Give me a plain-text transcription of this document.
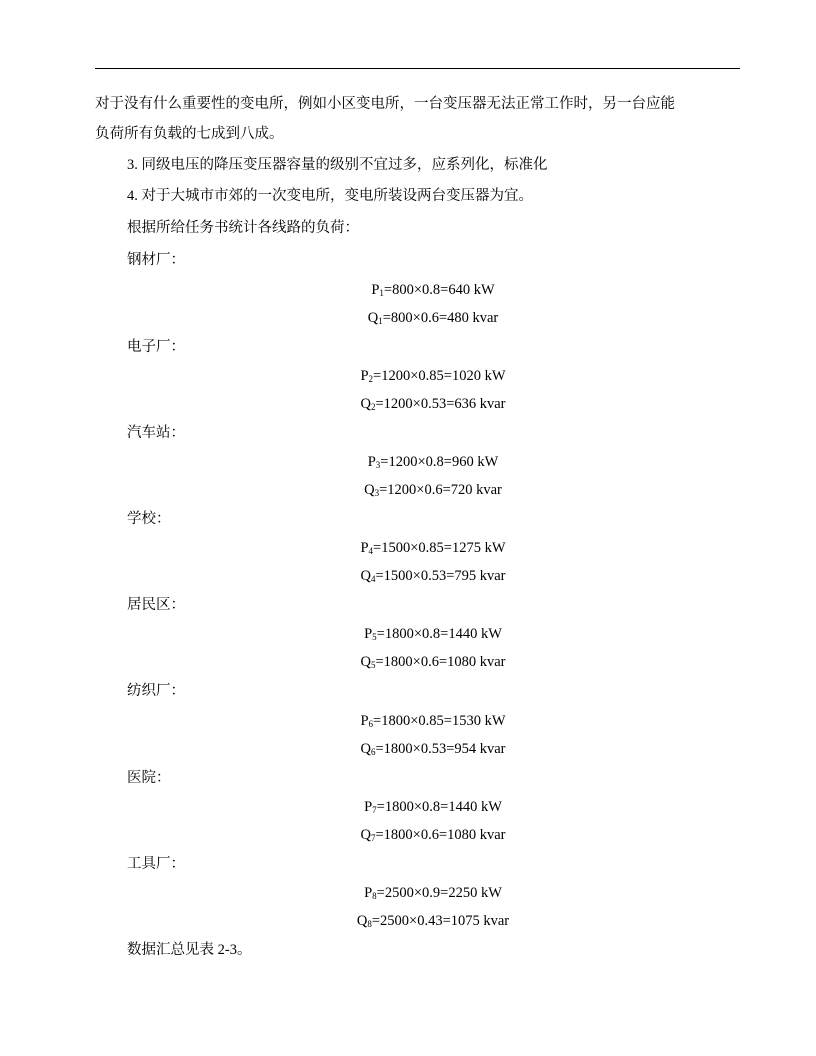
对于没有什么重要性的变电所，例如小区变电所，一台变压器无法正常工作时，另一台应能
负荷所有负载的七成到八成。
3. 同级电压的降压变压器容量的级别不宜过多，应系列化，标准化
4. 对于大城市市郊的一次变电所，变电所装设两台变压器为宜。
根据所给任务书统计各线路的负荷：
钢材厂：
$P_1=800\times 0.8=640$ kW
$Q_1=800\times 0.6=480$ kvar
电子厂：
$P_2=1200\times 0.85=1020$ kW
$Q_2=1200\times 0.53=636$ kvar
汽车站：
$P_3=1200\times 0.8=960$ kW
$Q_3=1200\times 0.6=720$ kvar
学校：
$P_4=1500\times 0.85=1275$ kW
$Q_4=1500\times 0.53=795$ kvar
居民区：
$P_5=1800\times 0.8=1440$ kW
$Q_5=1800\times 0.6=1080$ kvar
纺织厂：
$P_6=1800\times 0.85=1530$ kW
$Q_6=1800\times 0.53=954$ kvar
医院：
$P_7=1800\times 0.8=1440$ kW
$Q_7=1800\times 0.6=1080$ kvar
工具厂：
$P_8=2500\times 0.9=2250$ kW
$Q_8=2500\times 0.43=1075$ kvar
数据汇总见表 2-3。
